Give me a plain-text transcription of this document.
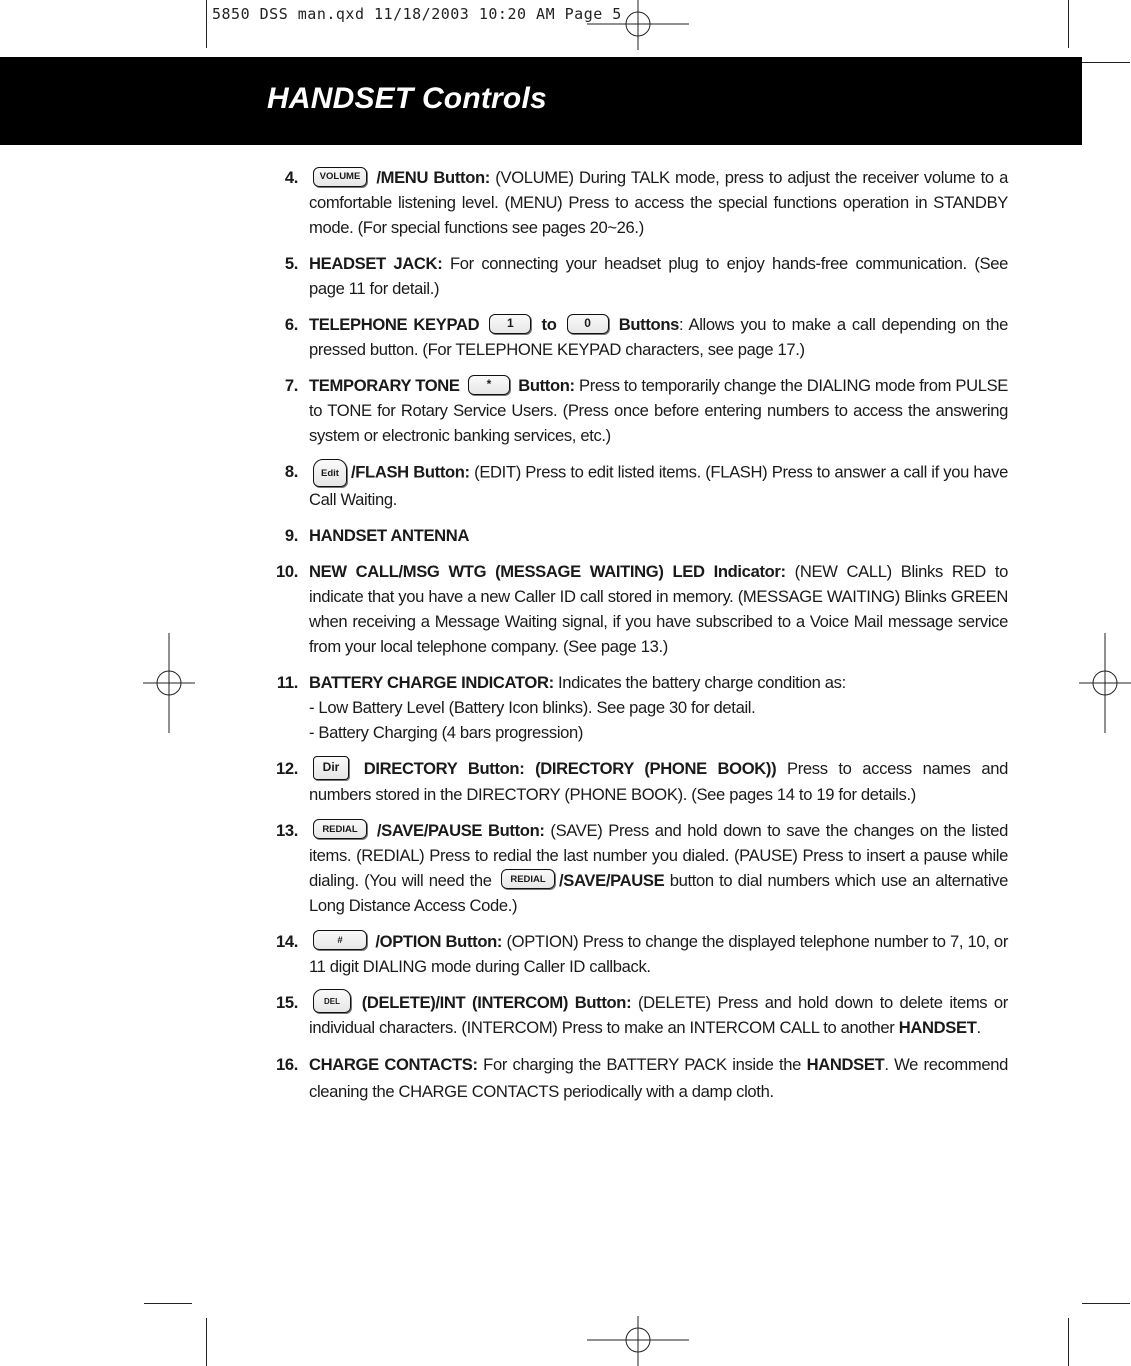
5850 DSS man.qxd 11/18/2003 10:20 AM Page 5
HANDSET Controls
4.	VOLUME /MENU Button: (VOLUME) During TALK mode, press to adjust the receiver volume to a comfortable listening level. (MENU) Press to access the special functions operation in STANDBY mode. (For special functions see pages 20~26.)
5. HEADSET JACK: For connecting your headset plug to enjoy hands-free communication. (See page 11 for detail.)
6. TELEPHONE KEYPAD 1 to 0 Buttons: Allows you to make a call depending on the pressed button. (For TELEPHONE KEYPAD characters, see page 17.)
7. TEMPORARY TONE * Button: Press to temporarily change the DIALING mode from PULSE to TONE for Rotary Service Users. (Press once before entering numbers to access the answering system or electronic banking services, etc.)
8.	Edit /FLASH Button: (EDIT) Press to edit listed items. (FLASH) Press to answer a call if you have Call Waiting.
9. HANDSET ANTENNA
10. NEW CALL/MSG WTG (MESSAGE WAITING) LED Indicator: (NEW CALL) Blinks RED to indicate that you have a new Caller ID call stored in memory. (MESSAGE WAITING) Blinks GREEN when receiving a Message Waiting signal, if you have subscribed to a Voice Mail message service from your local telephone company. (See page 13.)
11. BATTERY CHARGE INDICATOR: Indicates the battery charge condition as:
- Low Battery Level (Battery Icon blinks). See page 30 for detail.
- Battery Charging (4 bars progression)
12.	Dir DIRECTORY Button: (DIRECTORY (PHONE BOOK)) Press to access names and numbers stored in the DIRECTORY (PHONE BOOK). (See pages 14 to 19 for details.)
13.	REDIAL /SAVE/PAUSE Button: (SAVE) Press and hold down to save the changes on the listed items. (REDIAL) Press to redial the last number you dialed. (PAUSE) Press to insert a pause while dialing. (You will need the REDIAL /SAVE/PAUSE button to dial numbers which use an alternative Long Distance Access Code.)
14.	# /OPTION Button: (OPTION) Press to change the displayed telephone number to 7, 10, or 11 digit DIALING mode during Caller ID callback.
15.	DEL (DELETE)/INT (INTERCOM) Button: (DELETE) Press and hold down to delete items or individual characters. (INTERCOM) Press to make an INTERCOM CALL to another HANDSET.
16. CHARGE CONTACTS: For charging the BATTERY PACK inside the HANDSET. We recommend cleaning the CHARGE CONTACTS periodically with a damp cloth.
